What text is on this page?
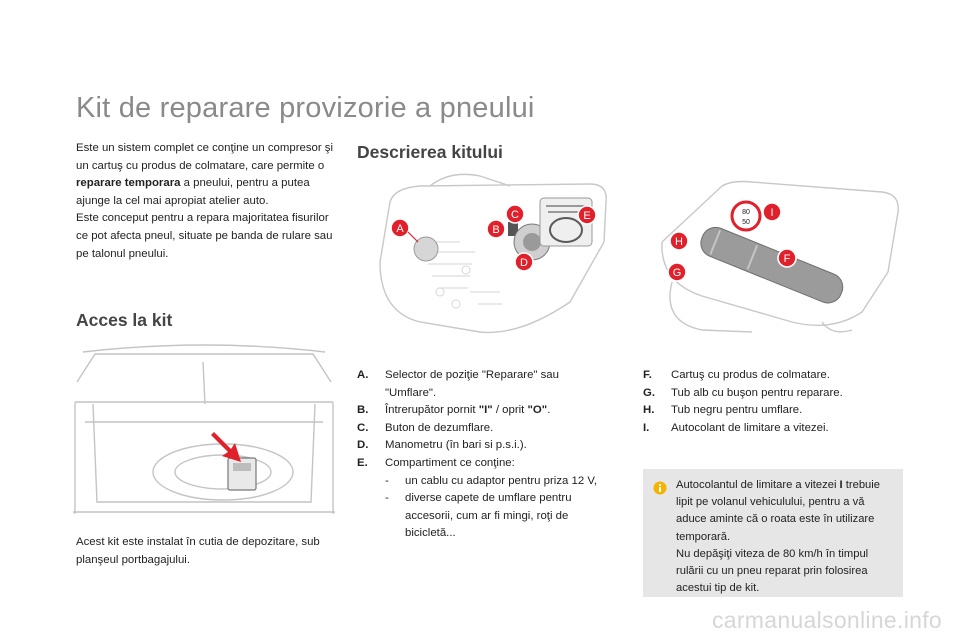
Kit de reparare provizorie a pneului

Este un sistem complet ce conţine un compresor şi un cartuş cu produs de colmatare, care permite o reparare temporara a pneului, pentru a putea ajunge la cel mai apropiat atelier auto.

Este conceput pentru a repara majoritatea fisurilor ce pot afecta pneul, situate pe banda de rulare sau pe talonul pneului.

Acces la kit

Acest kit este instalat în cutia de depozitare, sub planşeul portbagajului.

Descrierea kitului
A	B
C
D
E	80
50
I
H
F
G
A. Selector de poziţie "Reparare" sau "Umflare".
B. Întrerupător pornit "I" / oprit "O".
C. Buton de dezumflare.
D. Manometru (în bari si p.s.i.).
E. Compartiment ce conţine:
- un cablu cu adaptor pentru priza 12 V,
- diverse capete de umflare pentru accesorii, cum ar fi mingi, roţi de bicicletă...
F. Cartuş cu produs de colmatare.
G. Tub alb cu buşon pentru reparare.
H. Tub negru pentru umflare.
I. Autocolant de limitare a vitezei.

Autocolantul de limitare a vitezei I trebuie lipit pe volanul vehiculului, pentru a vă aduce aminte că o roata este în utilizare temporară.

Nu depăşiţi viteza de 80 km/h în timpul rulării cu un pneu reparat prin folosirea acestui tip de kit.

carmanualsonline.info
